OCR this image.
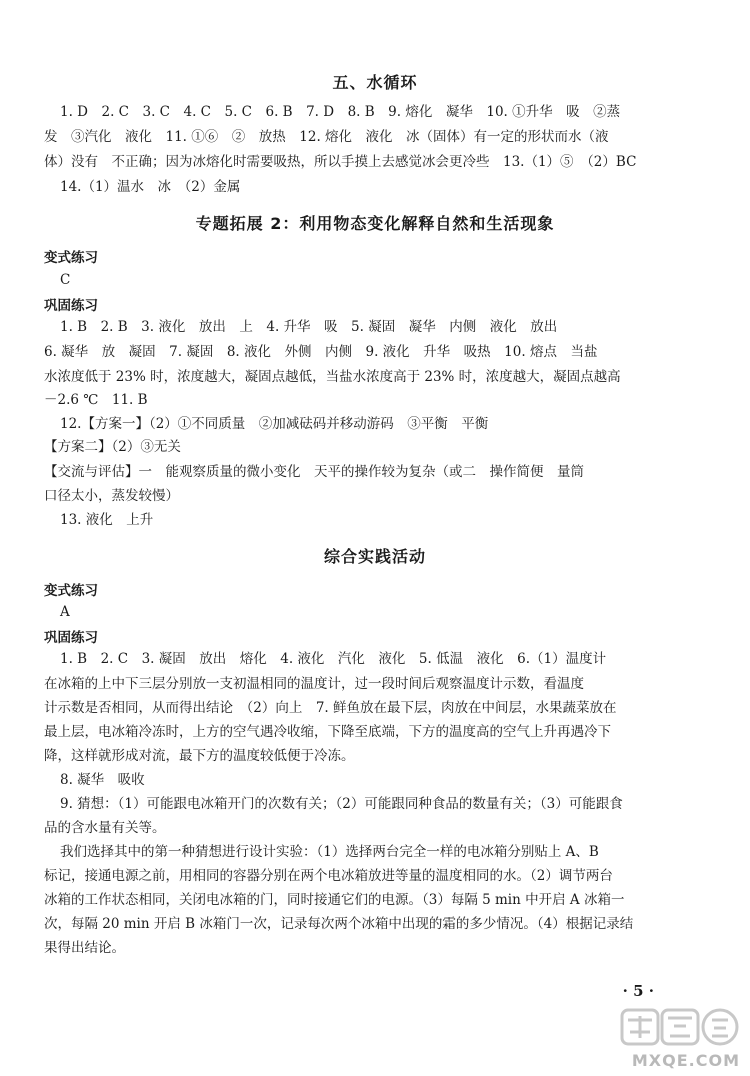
五、水循环
1. D　2. C　3. C　4. C　5. C　6. B　7. D　8. B　9. 熔化　凝华　10. ①升华　吸　②蒸
发　③汽化　液化　11. ①⑥　②　放热　12. 熔化　液化　冰（固体）有一定的形状而水（液
体）没有　不正确；因为冰熔化时需要吸热，所以手摸上去感觉冰会更冷些　13.（1）⑤　（2）BC
14.（1）温水　冰　（2）金属
专题拓展 2：利用物态变化解释自然和生活现象
变式练习
C
巩固练习
1. B　2. B　3. 液化　放出　上　4. 升华　吸　5. 凝固　凝华　内侧　液化　放出
6. 凝华　放　凝固　7. 凝固　8. 液化　外侧　内侧　9. 液化　升华　吸热　10. 熔点　当盐
水浓度低于 23% 时，浓度越大，凝固点越低，当盐水浓度高于 23% 时，浓度越大，凝固点越高
－2.6 ℃　11. B
12.【方案一】（2）①不同质量　②加减砝码并移动游码　③平衡　平衡
【方案二】（2）③无关
【交流与评估】一　能观察质量的微小变化　天平的操作较为复杂（或二　操作简便　量筒
口径太小，蒸发较慢）
13. 液化　上升
综合实践活动
变式练习
A
巩固练习
1. B　2. C　3. 凝固　放出　熔化　4. 液化　汽化　液化　5. 低温　液化　6.（1）温度计
在冰箱的上中下三层分别放一支初温相同的温度计，过一段时间后观察温度计示数，看温度
计示数是否相同，从而得出结论　（2）向上　7. 鲜鱼放在最下层，肉放在中间层，水果蔬菜放在
最上层，电冰箱冷冻时，上方的空气遇冷收缩，下降至底端，下方的温度高的空气上升再遇冷下
降，这样就形成对流，最下方的温度较低便于冷冻。
8. 凝华　吸收
9. 猜想：（1）可能跟电冰箱开门的次数有关；（2）可能跟同种食品的数量有关；（3）可能跟食
品的含水量有关等。
我们选择其中的第一种猜想进行设计实验：（1）选择两台完全一样的电冰箱分别贴上 A、B
标记，接通电源之前，用相同的容器分别在两个电冰箱放进等量的温度相同的水。（2）调节两台
冰箱的工作状态相同，关闭电冰箱的门，同时接通它们的电源。（3）每隔 5 min 中开启 A 冰箱一
次，每隔 20 min 开启 B 冰箱门一次，记录每次两个冰箱中出现的霜的多少情况。（4）根据记录结
果得出结论。
· 5 ·
MXQE.COM
